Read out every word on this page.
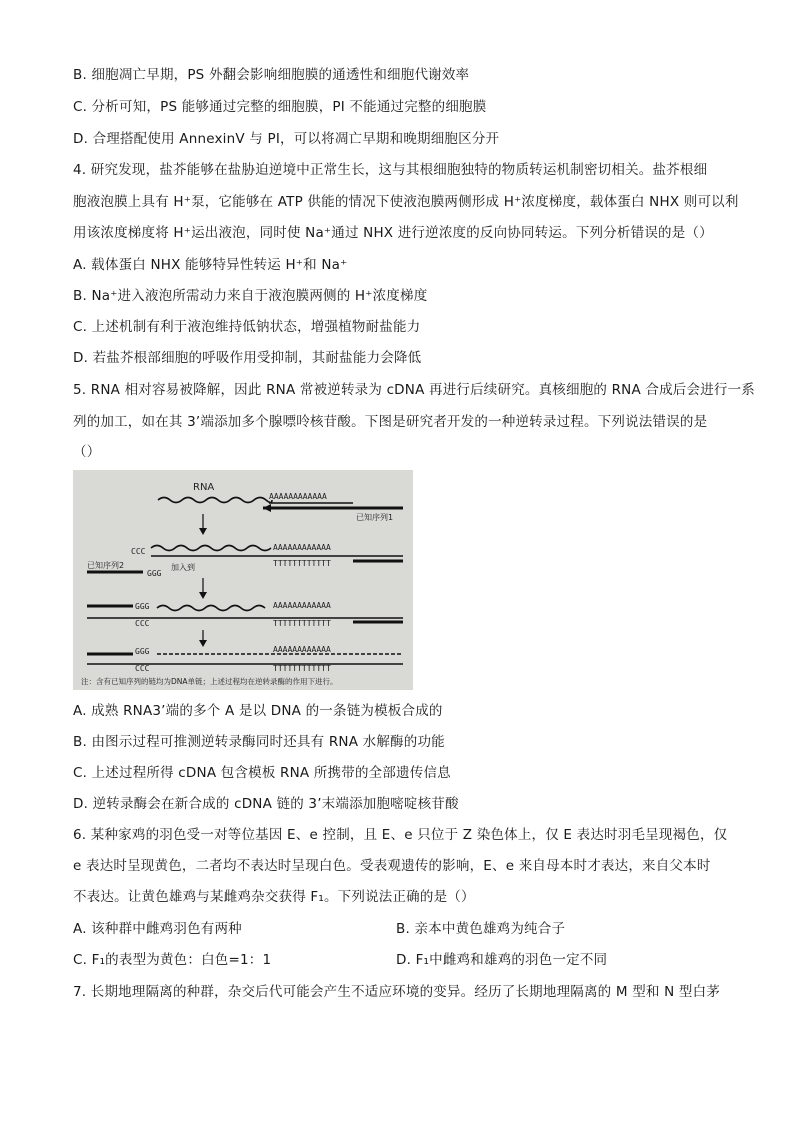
B. 细胞凋亡早期，PS 外翻会影响细胞膜的通透性和细胞代谢效率
C. 分析可知，PS 能够通过完整的细胞膜，PI 不能通过完整的细胞膜
D. 合理搭配使用 AnnexinV 与 PI，可以将凋亡早期和晚期细胞区分开
4. 研究发现，盐芥能够在盐胁迫逆境中正常生长，这与其根细胞独特的物质转运机制密切相关。盐芥根细
胞液泡膜上具有 H⁺泵，它能够在 ATP 供能的情况下使液泡膜两侧形成 H⁺浓度梯度，载体蛋白 NHX 则可以利
用该浓度梯度将 H⁺运出液泡，同时使 Na⁺通过 NHX 进行逆浓度的反向协同转运。下列分析错误的是（）
A. 载体蛋白 NHX 能够特异性转运 H⁺和 Na⁺
B. Na⁺进入液泡所需动力来自于液泡膜两侧的 H⁺浓度梯度
C. 上述机制有利于液泡维持低钠状态，增强植物耐盐能力
D. 若盐芥根部细胞的呼吸作用受抑制，其耐盐能力会降低
5. RNA 相对容易被降解，因此 RNA 常被逆转录为 cDNA 再进行后续研究。真核细胞的 RNA 合成后会进行一系
列的加工，如在其 3’端添加多个腺嘌呤核苷酸。下图是研究者开发的一种逆转录过程。下列说法错误的是
（）
RNA
AAAAAAAAAAAA
已知序列1
CCC	AAAAAAAAAAAA
TTTTTTTTTTTT
已知序列2
GGG
加入到
GGG	AAAAAAAAAAAA
CCC	TTTTTTTTTTTT
GGG	AAAAAAAAAAAA
CCC	TTTTTTTTTTTT
注：含有已知序列的链均为DNA单链；上述过程均在逆转录酶的作用下进行。
A. 成熟 RNA3’端的多个 A 是以 DNA 的一条链为模板合成的
B. 由图示过程可推测逆转录酶同时还具有 RNA 水解酶的功能
C. 上述过程所得 cDNA 包含模板 RNA 所携带的全部遗传信息
D. 逆转录酶会在新合成的 cDNA 链的 3’末端添加胞嘧啶核苷酸
6. 某种家鸡的羽色受一对等位基因 E、e 控制，且 E、e 只位于 Z 染色体上，仅 E 表达时羽毛呈现褐色，仅
e 表达时呈现黄色，二者均不表达时呈现白色。受表观遗传的影响，E、e 来自母本时才表达，来自父本时
不表达。让黄色雄鸡与某雌鸡杂交获得 F₁。下列说法正确的是（）
A. 该种群中雌鸡羽色有两种	B. 亲本中黄色雄鸡为纯合子
C. F₁的表型为黄色：白色=1：1	D. F₁中雌鸡和雄鸡的羽色一定不同
7. 长期地理隔离的种群，杂交后代可能会产生不适应环境的变异。经历了长期地理隔离的 M 型和 N 型白茅
